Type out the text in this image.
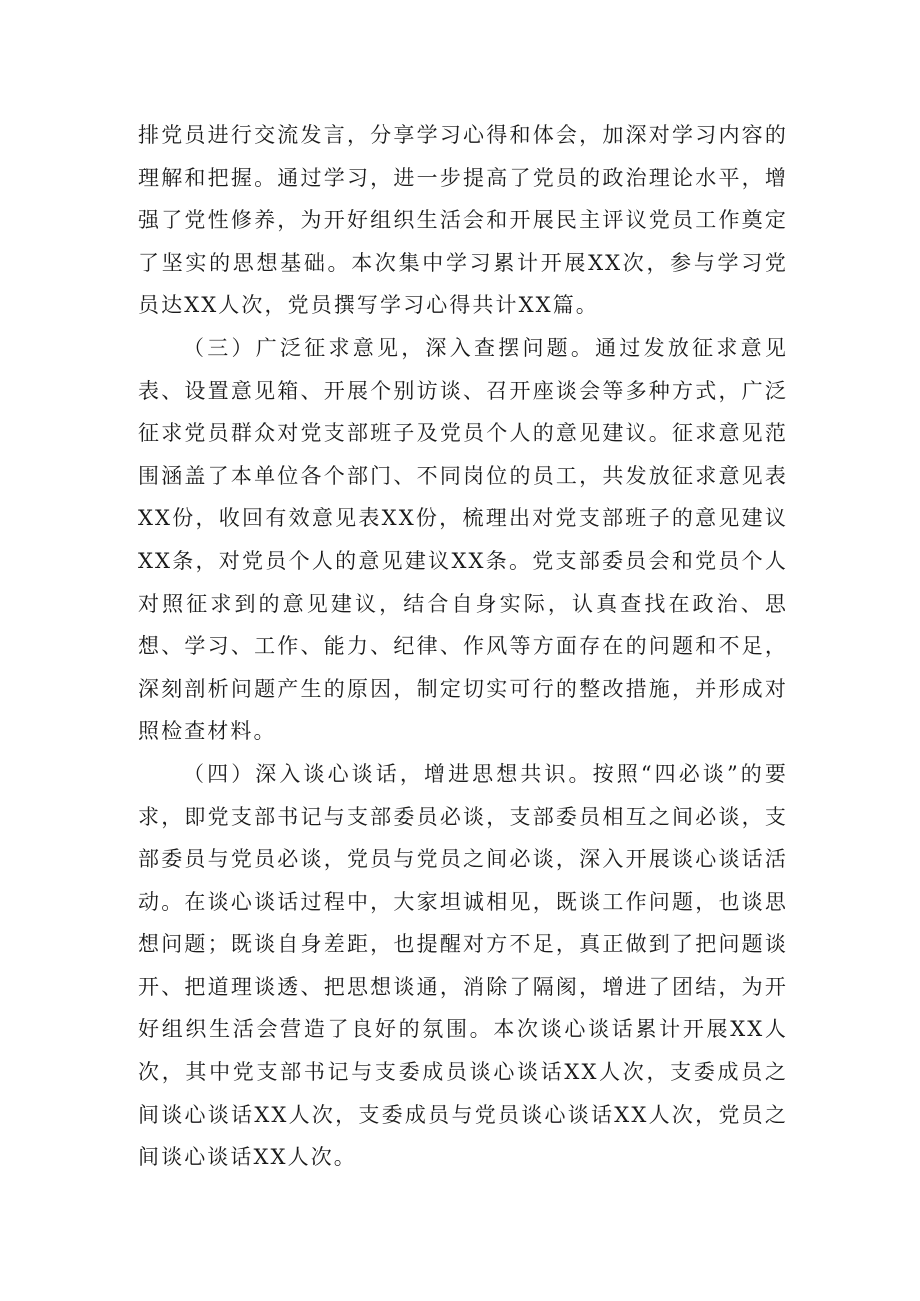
排党员进行交流发言，分享学习心得和体会，加深对学习内容的理解和把握。通过学习，进一步提高了党员的政治理论水平，增强了党性修养，为开好组织生活会和开展民主评议党员工作奠定了坚实的思想基础。本次集中学习累计开展XX次，参与学习党员达XX人次，党员撰写学习心得共计XX篇。

（三）广泛征求意见，深入查摆问题。通过发放征求意见表、设置意见箱、开展个别访谈、召开座谈会等多种方式，广泛征求党员群众对党支部班子及党员个人的意见建议。征求意见范围涵盖了本单位各个部门、不同岗位的员工，共发放征求意见表XX份，收回有效意见表XX份，梳理出对党支部班子的意见建议XX条，对党员个人的意见建议XX条。党支部委员会和党员个人对照征求到的意见建议，结合自身实际，认真查找在政治、思想、学习、工作、能力、纪律、作风等方面存在的问题和不足，深刻剖析问题产生的原因，制定切实可行的整改措施，并形成对照检查材料。

（四）深入谈心谈话，增进思想共识。按照“四必谈”的要求，即党支部书记与支部委员必谈，支部委员相互之间必谈，支部委员与党员必谈，党员与党员之间必谈，深入开展谈心谈话活动。在谈心谈话过程中，大家坦诚相见，既谈工作问题，也谈思想问题；既谈自身差距，也提醒对方不足，真正做到了把问题谈开、把道理谈透、把思想谈通，消除了隔阂，增进了团结，为开好组织生活会营造了良好的氛围。本次谈心谈话累计开展XX人次，其中党支部书记与支委成员谈心谈话XX人次，支委成员之间谈心谈话XX人次，支委成员与党员谈心谈话XX人次，党员之间谈心谈话XX人次。
